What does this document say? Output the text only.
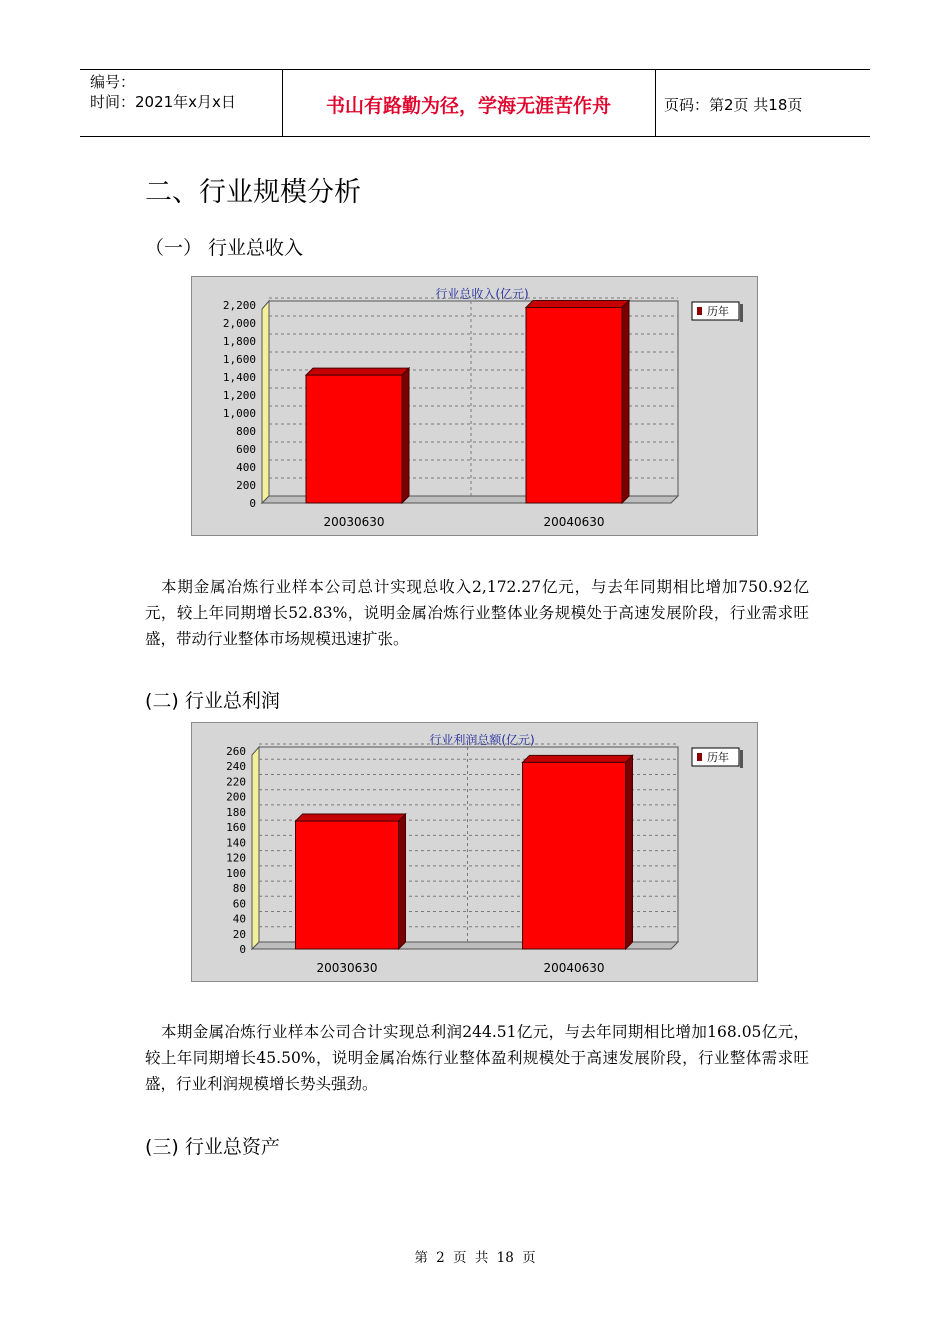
编号：
时间：2021年x月x日	书山有路勤为径，学海无涯苦作舟	页码：第2页 共18页
二、行业规模分析
（一） 行业总收入
行业总收入(亿元)
0
200
400
600
800
1,000
1,200
1,400
1,600
1,800
2,000
2,200
20030630	20040630
历年
本期金属冶炼行业样本公司总计实现总收入2,172.27亿元，与去年同期相比增加750.92亿元，较上年同期增长52.83%，说明金属冶炼行业整体业务规模处于高速发展阶段，行业需求旺盛，带动行业整体市场规模迅速扩张。
(二) 行业总利润
行业利润总额(亿元)
0
20
40
60
80
100
120
140
160
180
200
220
240
260
20030630	20040630
历年
本期金属冶炼行业样本公司合计实现总利润244.51亿元，与去年同期相比增加168.05亿元，较上年同期增长45.50%，说明金属冶炼行业整体盈利规模处于高速发展阶段，行业整体需求旺盛，行业利润规模增长势头强劲。
(三) 行业总资产
第 2 页 共 18 页
